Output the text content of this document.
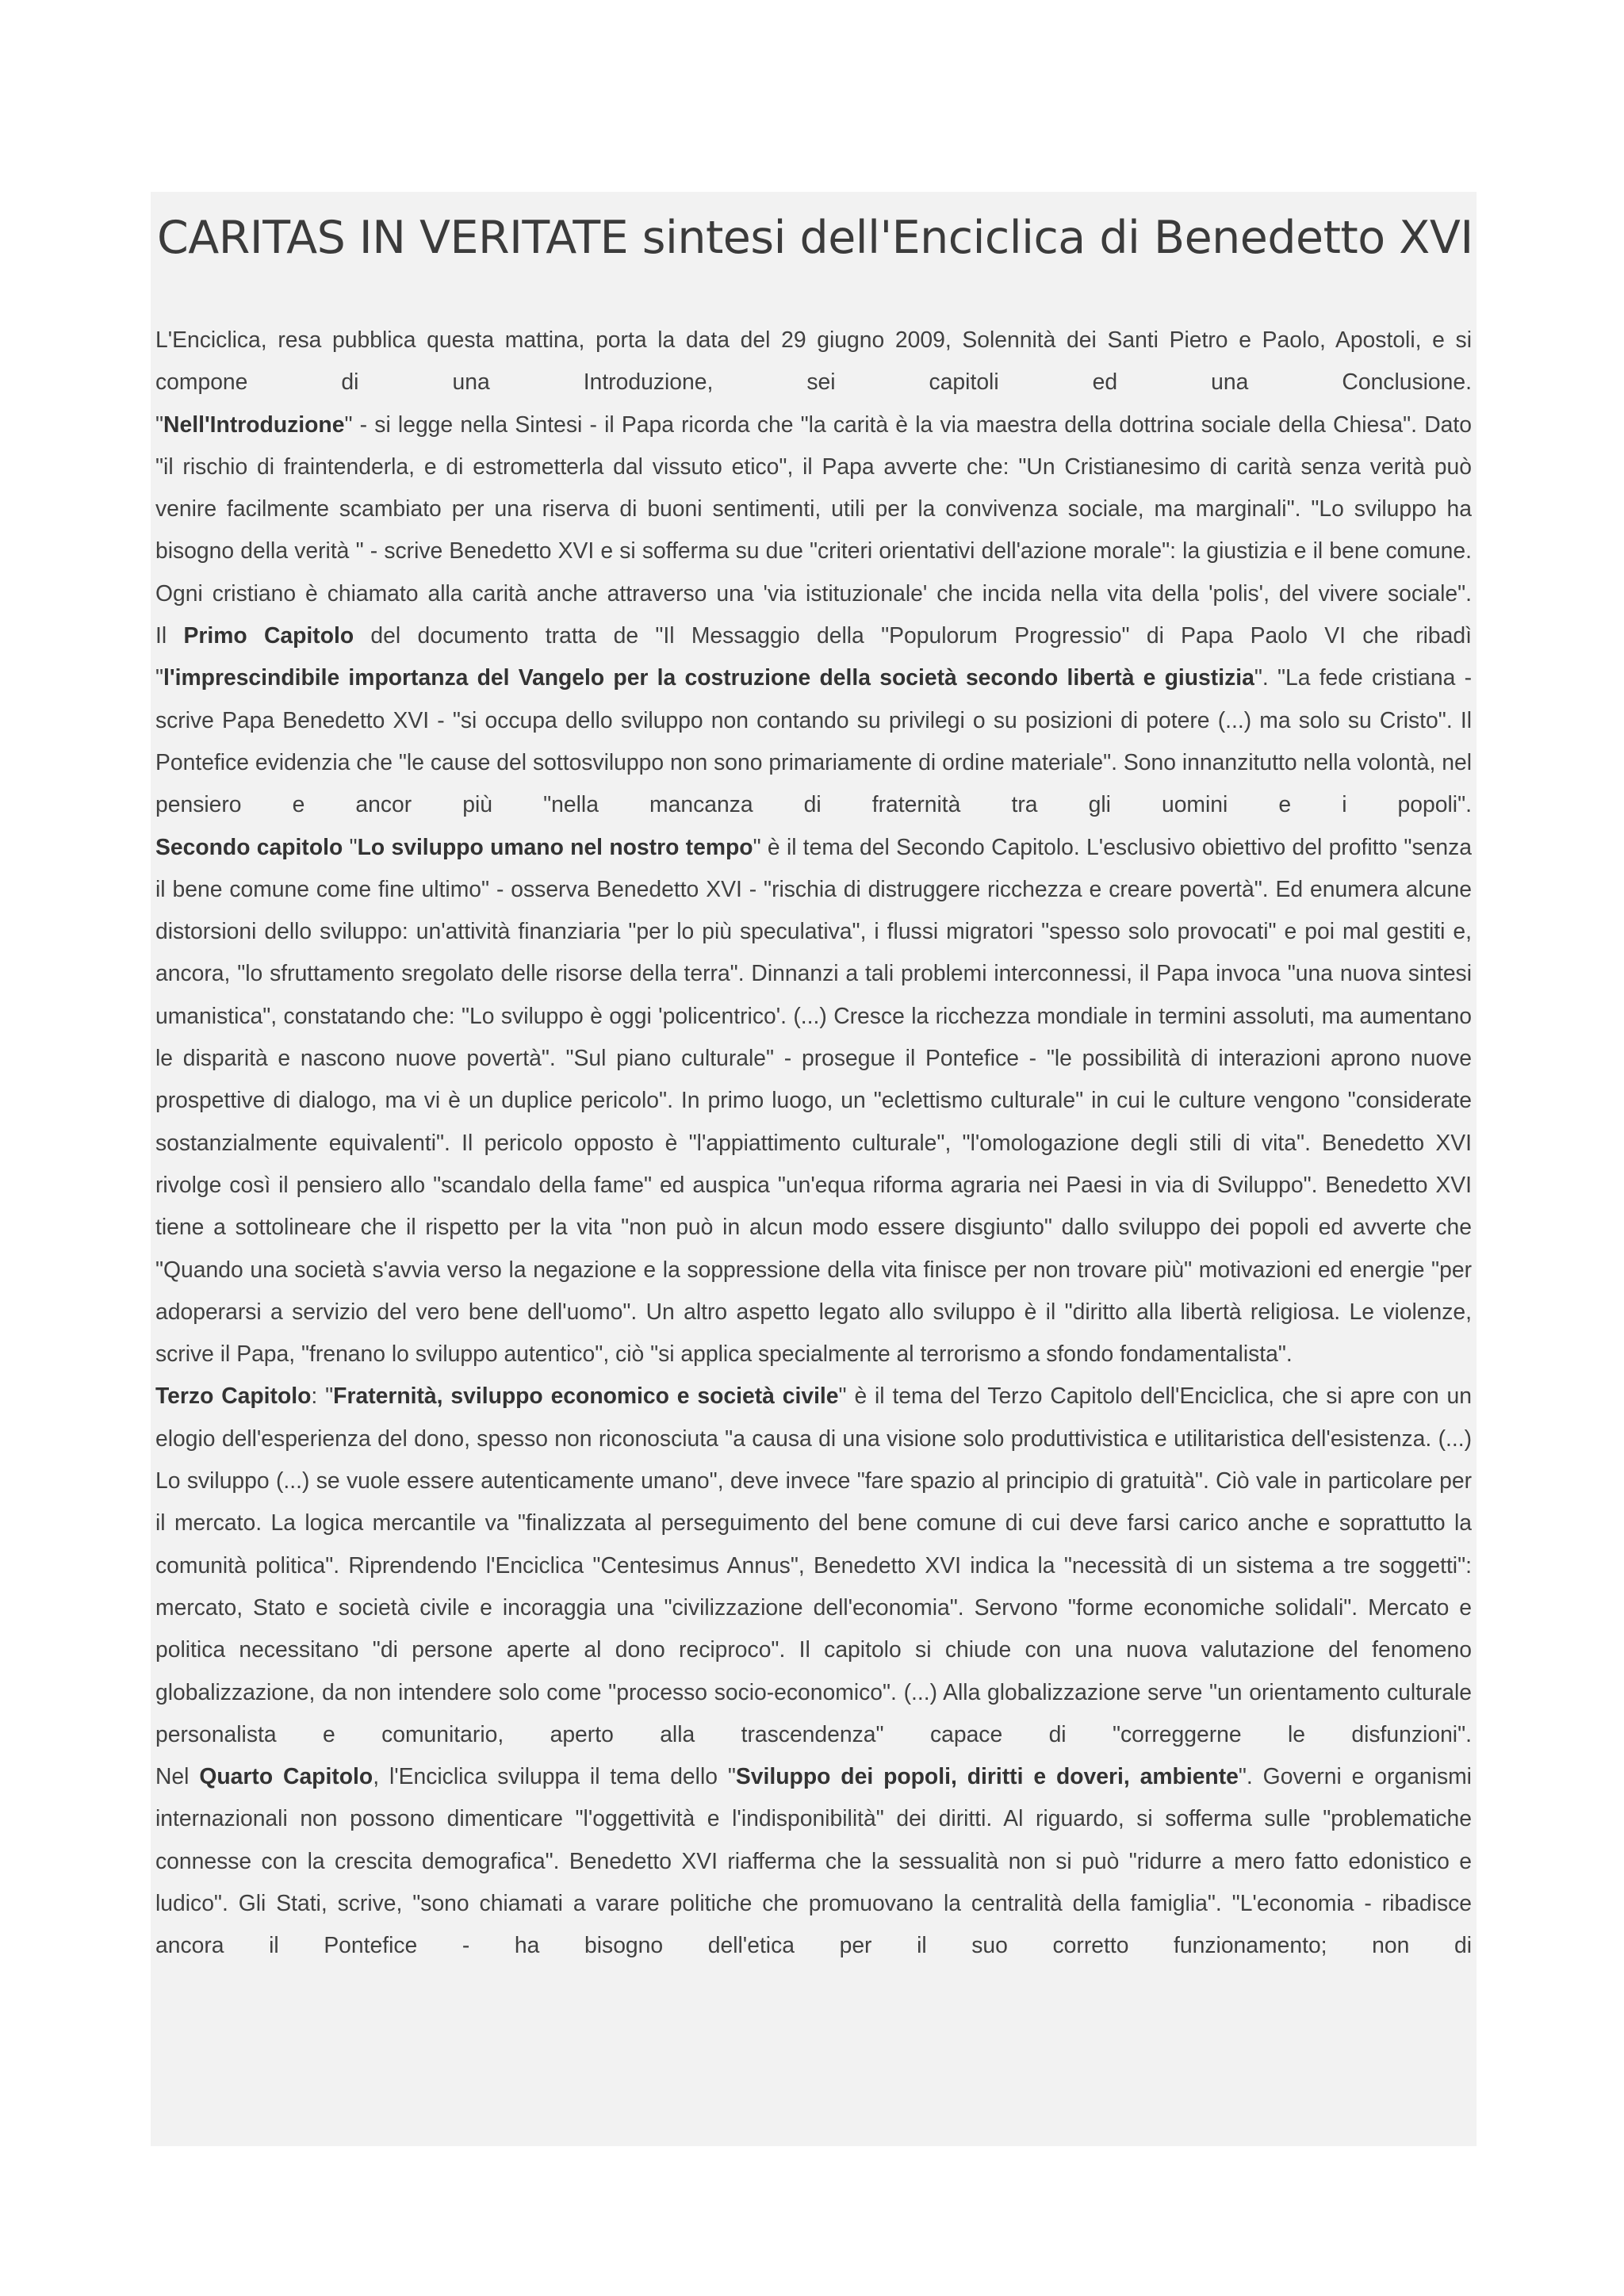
CARITAS IN VERITATE sintesi dell'Enciclica di Benedetto XVI

L'Enciclica, resa pubblica questa mattina, porta la data del 29 giugno 2009, Solennità dei Santi Pietro e Paolo, Apostoli, e si compone di una Introduzione, sei capitoli ed una Conclusione.

"Nell'Introduzione" - si legge nella Sintesi - il Papa ricorda che "la carità è la via maestra della dottrina sociale della Chiesa". Dato "il rischio di fraintenderla, e di estrometterla dal vissuto etico", il Papa avverte che: "Un Cristianesimo di carità senza verità può venire facilmente scambiato per una riserva di buoni sentimenti, utili per la convivenza sociale, ma marginali". "Lo sviluppo ha bisogno della verità " - scrive Benedetto XVI e si sofferma su due "criteri orientativi dell'azione morale": la giustizia e il bene comune. Ogni cristiano è chiamato alla carità anche attraverso una 'via istituzionale' che incida nella vita della 'polis', del vivere sociale".

Il Primo Capitolo del documento tratta de "Il Messaggio della "Populorum Progressio" di Papa Paolo VI che ribadì "l'imprescindibile importanza del Vangelo per la costruzione della società secondo libertà e giustizia". "La fede cristiana - scrive Papa Benedetto XVI - "si occupa dello sviluppo non contando su privilegi o su posizioni di potere (...) ma solo su Cristo". Il Pontefice evidenzia che "le cause del sottosviluppo non sono primariamente di ordine materiale". Sono innanzitutto nella volontà, nel pensiero e ancor più "nella mancanza di fraternità tra gli uomini e i popoli".

Secondo capitolo "Lo sviluppo umano nel nostro tempo" è il tema del Secondo Capitolo. L'esclusivo obiettivo del profitto "senza il bene comune come fine ultimo" - osserva Benedetto XVI - "rischia di distruggere ricchezza e creare povertà". Ed enumera alcune distorsioni dello sviluppo: un'attività finanziaria "per lo più speculativa", i flussi migratori "spesso solo provocati" e poi mal gestiti e, ancora, "lo sfruttamento sregolato delle risorse della terra". Dinnanzi a tali problemi interconnessi, il Papa invoca "una nuova sintesi umanistica", constatando che: "Lo sviluppo è oggi 'policentrico'. (...) Cresce la ricchezza mondiale in termini assoluti, ma aumentano le disparità e nascono nuove povertà". "Sul piano culturale" - prosegue il Pontefice - "le possibilità di interazioni aprono nuove prospettive di dialogo, ma vi è un duplice pericolo". In primo luogo, un "eclettismo culturale" in cui le culture vengono "considerate sostanzialmente equivalenti". Il pericolo opposto è "l'appiattimento culturale", "l'omologazione degli stili di vita". Benedetto XVI rivolge così il pensiero allo "scandalo della fame" ed auspica "un'equa riforma agraria nei Paesi in via di Sviluppo". Benedetto XVI tiene a sottolineare che il rispetto per la vita "non può in alcun modo essere disgiunto" dallo sviluppo dei popoli ed avverte che "Quando una società s'avvia verso la negazione e la soppressione della vita finisce per non trovare più" motivazioni ed energie "per adoperarsi a servizio del vero bene dell'uomo". Un altro aspetto legato allo sviluppo è il "diritto alla libertà religiosa. Le violenze, scrive il Papa, "frenano lo sviluppo autentico", ciò "si applica specialmente al terrorismo a sfondo fondamentalista".

Terzo Capitolo: "Fraternità, sviluppo economico e società civile" è il tema del Terzo Capitolo dell'Enciclica, che si apre con un elogio dell'esperienza del dono, spesso non riconosciuta "a causa di una visione solo produttivistica e utilitaristica dell'esistenza. (...) Lo sviluppo (...) se vuole essere autenticamente umano", deve invece "fare spazio al principio di gratuità". Ciò vale in particolare per il mercato. La logica mercantile va "finalizzata al perseguimento del bene comune di cui deve farsi carico anche e soprattutto la comunità politica". Riprendendo l'Enciclica "Centesimus Annus", Benedetto XVI indica la "necessità di un sistema a tre soggetti": mercato, Stato e società civile e incoraggia una "civilizzazione dell'economia". Servono "forme economiche solidali". Mercato e politica necessitano "di persone aperte al dono reciproco". Il capitolo si chiude con una nuova valutazione del fenomeno globalizzazione, da non intendere solo come "processo socio-economico". (...) Alla globalizzazione serve "un orientamento culturale personalista e comunitario, aperto alla trascendenza" capace di "correggerne le disfunzioni".

Nel Quarto Capitolo, l'Enciclica sviluppa il tema dello "Sviluppo dei popoli, diritti e doveri, ambiente". Governi e organismi internazionali non possono dimenticare "l'oggettività e l'indisponibilità" dei diritti. Al riguardo, si sofferma sulle "problematiche connesse con la crescita demografica". Benedetto XVI riafferma che la sessualità non si può "ridurre a mero fatto edonistico e ludico". Gli Stati, scrive, "sono chiamati a varare politiche che promuovano la centralità della famiglia". "L'economia - ribadisce ancora il Pontefice - ha bisogno dell'etica per il suo corretto funzionamento; non di
